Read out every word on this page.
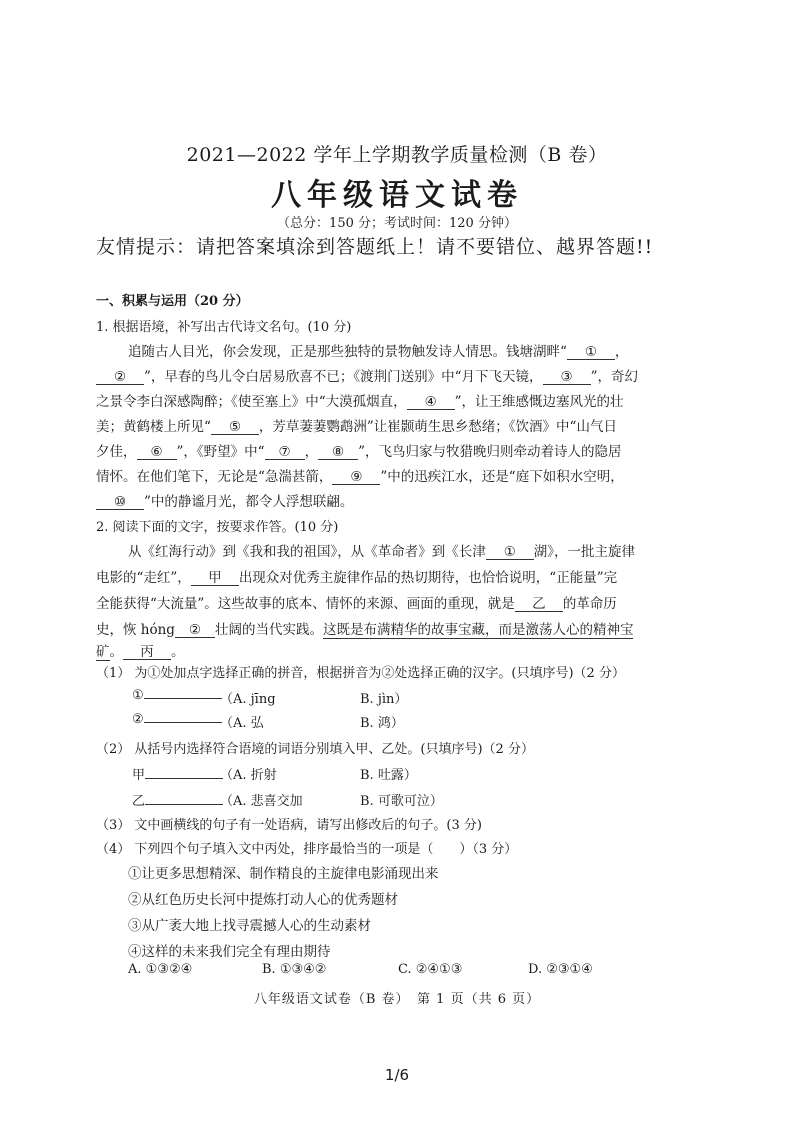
2021—2022 学年上学期教学质量检测（B 卷）
八年级语文试卷
（总分：150 分；考试时间：120 分钟）
友情提示：请把答案填涂到答题纸上！请不要错位、越界答题!!
一、积累与运用（20 分）
1. 根据语境，补写出古代诗文名句。(10 分)
追随古人目光，你会发现，正是那些独特的景物触发诗人情思。钱塘湖畔“ ① ，
② ”，早春的鸟儿令白居易欣喜不已；《渡荆门送别》中“月下飞天镜， ③ ”，奇幻
之景令李白深感陶醉；《使至塞上》中“大漠孤烟直， ④ ”，让王维感慨边塞风光的壮
美；黄鹤楼上所见“ ⑤ ，芳草萋萋鹦鹉洲”让崔颢萌生思乡愁绪；《饮酒》中“山气日
夕佳， ⑥ ”，《野望》中“ ⑦ ， ⑧ ”，飞鸟归家与牧猎晚归则牵动着诗人的隐居
情怀。在他们笔下，无论是“急湍甚箭， ⑨ ”中的迅疾江水，还是“庭下如积水空明，
⑩ ”中的静谧月光，都令人浮想联翩。
2. 阅读下面的文字，按要求作答。(10 分)
从《红海行动》到《我和我的祖国》，从《革命者》到《长津 ① 湖》，一批主旋律
电影的“走红”， 甲 出现众对优秀主旋律作品的热切期待，也恰恰说明，“正能量”完
全能获得“大流量”。这些故事的底本、情怀的来源、画面的重现，就是 乙 的革命历
史，恢 hóng ② 壮阔的当代实践。这既是布满精华的故事宝藏，而是激荡人心的精神宝
矿。 丙 。
（1） 为①处加点字选择正确的拼音，根据拼音为②处选择正确的汉字。(只填序号)（2 分）
①	（A. jīng	B. jìn）
②	（A. 弘	B. 鸿）
（2） 从括号内选择符合语境的词语分别填入甲、乙处。(只填序号)（2 分）
甲	（A. 折射	B. 吐露）
乙	（A. 悲喜交加	B. 可歌可泣）
（3） 文中画横线的句子有一处语病，请写出修改后的句子。(3 分)
（4） 下列四个句子填入文中丙处，排序最恰当的一项是（　　）（3 分）
①让更多思想精深、制作精良的主旋律电影涌现出来
②从红色历史长河中提炼打动人心的优秀题材
③从广袤大地上找寻震撼人心的生动素材
④这样的未来我们完全有理由期待
A. ①③②④	B. ①③④②	C. ②④①③	D. ②③①④
八年级语文试卷（B 卷）　第 1 页（共 6 页）
1/6
